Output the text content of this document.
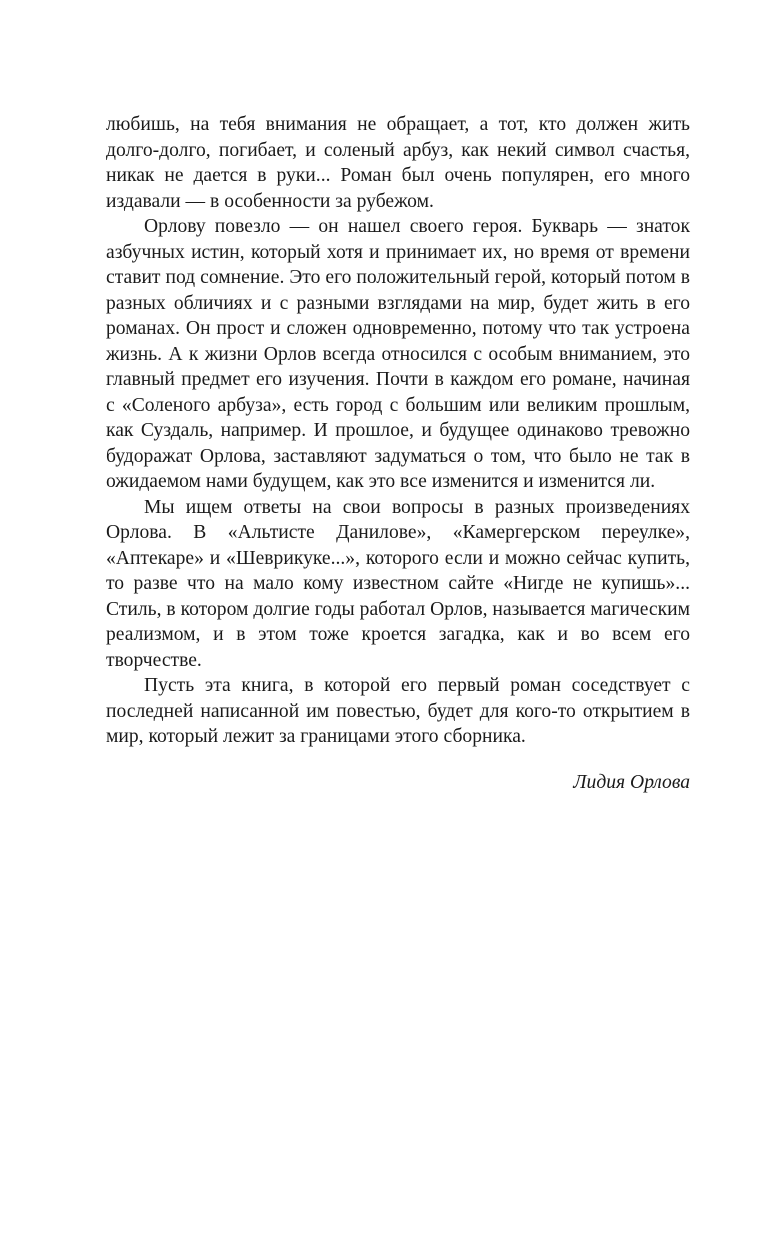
любишь, на тебя внимания не обращает, а тот, кто должен жить долго-долго, погибает, и соленый арбуз, как некий символ счастья, никак не дается в руки... Роман был очень популярен, его много издавали — в особенности за рубежом.

Орлову повезло — он нашел своего героя. Букварь — знаток азбучных истин, который хотя и принимает их, но время от времени ставит под сомнение. Это его положительный герой, который потом в разных обличиях и с разными взглядами на мир, будет жить в его романах. Он прост и сложен одновременно, потому что так устроена жизнь. А к жизни Орлов всегда относился с особым вниманием, это главный предмет его изучения. Почти в каждом его романе, начиная с «Соленого арбуза», есть город с большим или великим прошлым, как Суздаль, например. И прошлое, и будущее одинаково тревожно будоражат Орлова, заставляют задуматься о том, что было не так в ожидаемом нами будущем, как это все изменится и изменится ли.

Мы ищем ответы на свои вопросы в разных произведениях Орлова. В «Альтисте Данилове», «Камергерском переулке», «Аптекаре» и «Шеврикуке...», которого если и можно сейчас купить, то разве что на мало кому известном сайте «Нигде не купишь»... Стиль, в котором долгие годы работал Орлов, называется магическим реализмом, и в этом тоже кроется загадка, как и во всем его творчестве.

Пусть эта книга, в которой его первый роман соседствует с последней написанной им повестью, будет для кого-то открытием в мир, который лежит за границами этого сборника.

Лидия Орлова
